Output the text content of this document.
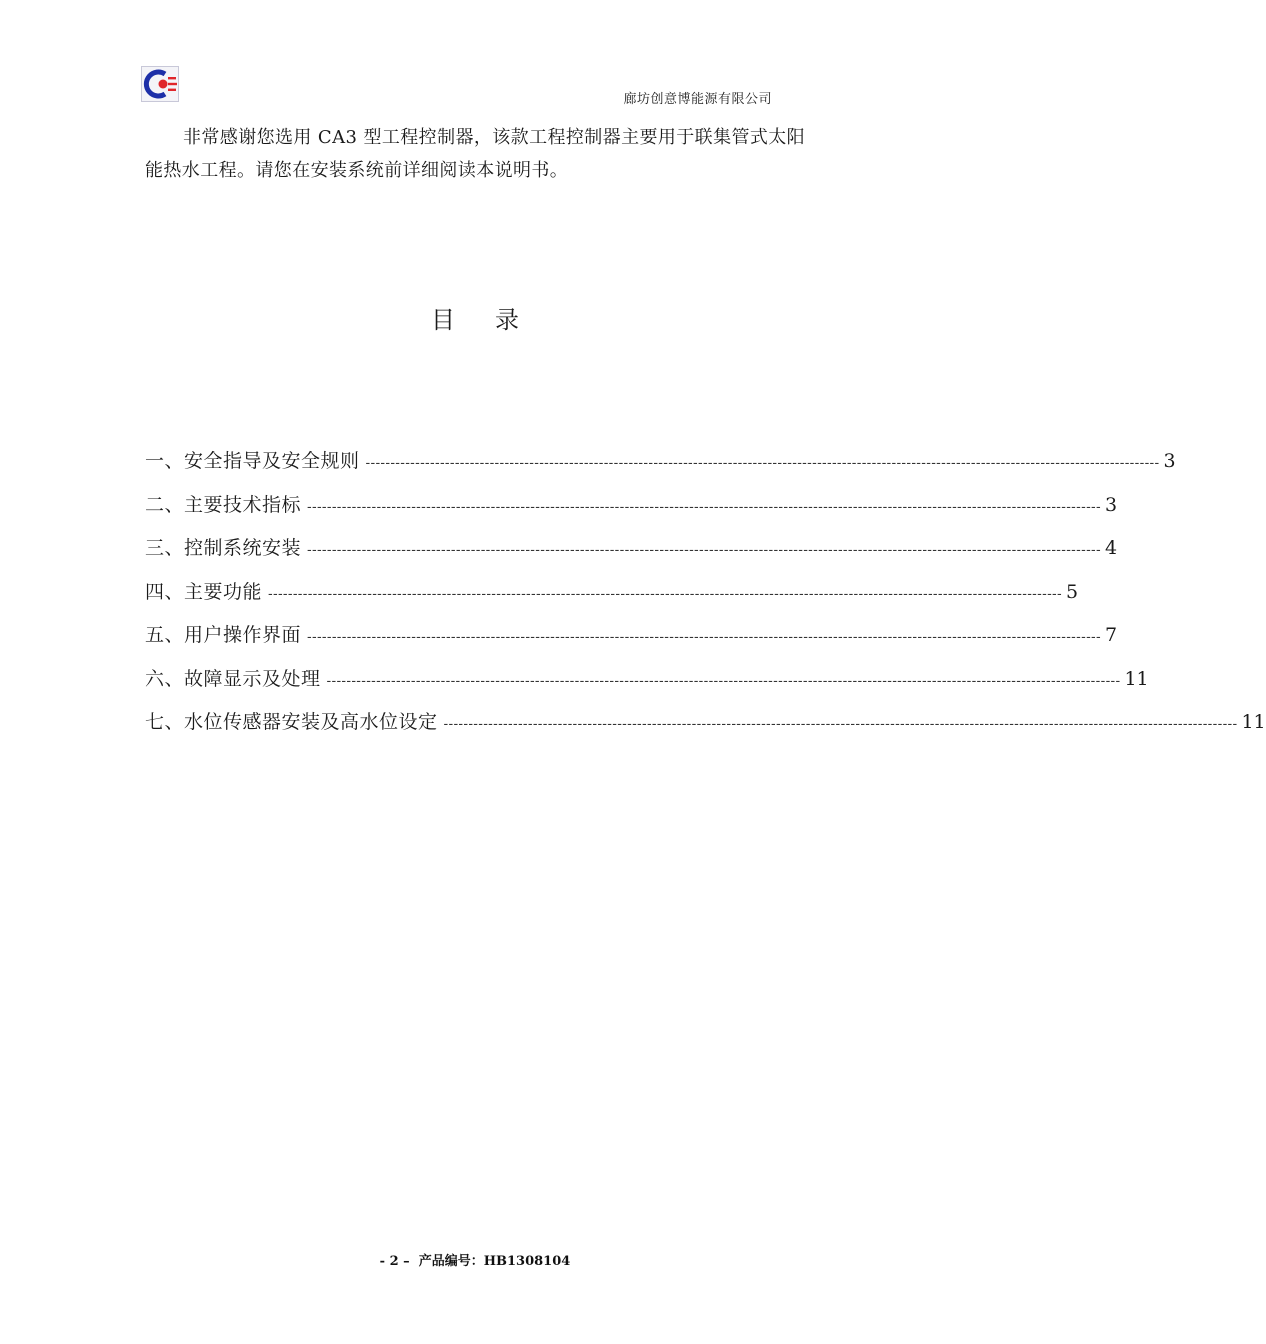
廊坊创意博能源有限公司

非常感谢您选用 CA3 型工程控制器，该款工程控制器主要用于联集管式太阳能热水工程。请您在安装系统前详细阅读本说明书。

目录
一、安全指导及安全规则 ---------------------------------------------------------------------------------------------------------------------------------------------------------------- 3
二、主要技术指标 ---------------------------------------------------------------------------------------------------------------------------------------------------------------- 3
三、控制系统安装 ---------------------------------------------------------------------------------------------------------------------------------------------------------------- 4
四、主要功能 ---------------------------------------------------------------------------------------------------------------------------------------------------------------- 5
五、用户操作界面 ---------------------------------------------------------------------------------------------------------------------------------------------------------------- 7
六、故障显示及处理 ---------------------------------------------------------------------------------------------------------------------------------------------------------------- 11
七、水位传感器安装及高水位设定 ---------------------------------------------------------------------------------------------------------------------------------------------------------------- 11
- 2 – 产品编号：HB1308104
